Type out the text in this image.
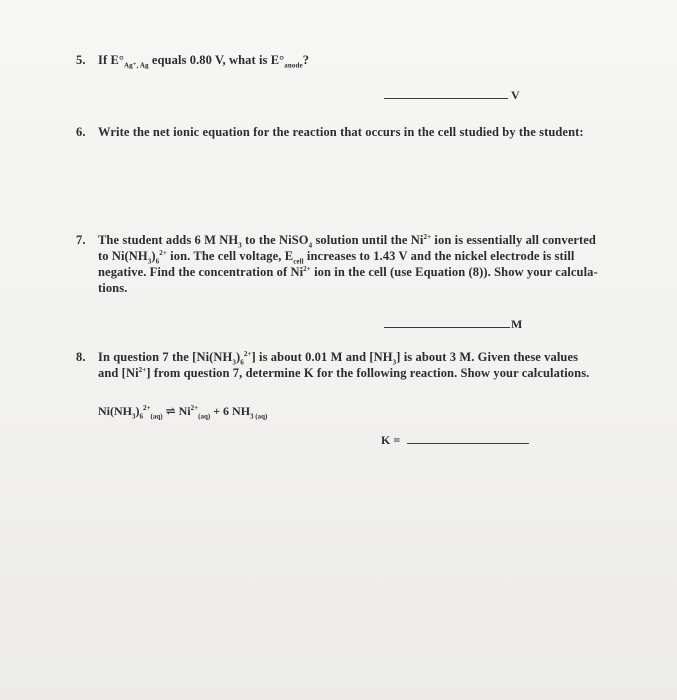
5. If $E^\circ_{Ag^+, Ag}$ equals 0.80 V, what is $E^\circ_{anode}$?
V
6. Write the net ionic equation for the reaction that occurs in the cell studied by the student:
7. The student adds 6 M $NH_3$ to the NiSO$_4$ solution until the $Ni^{2+}$ ion is essentially all converted
to $Ni(NH_3)_6^{2+}$ ion. The cell voltage, $E_{cell}$ increases to 1.43 V and the nickel electrode is still
negative. Find the concentration of $Ni^{2+}$ ion in the cell (use Equation (8)). Show your calcula-
tions.
M
8. In question 7 the $[Ni(NH_3)_6^{2+}]$ is about 0.01 M and $[NH_3]$ is about 3 M. Given these values
and $[Ni^{2+}]$ from question 7, determine K for the following reaction. Show your calculations.
$Ni(NH_3)_6^{2+}_{(aq)}$ ⇌ $Ni^{2+}_{(aq)} + 6$ $NH_{3 (aq)}$
K =
